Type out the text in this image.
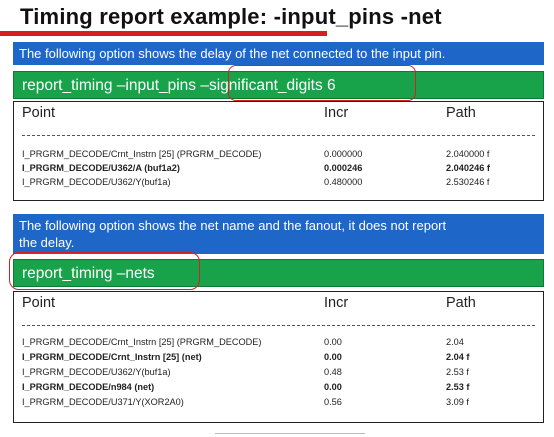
Timing report example: -input_pins -net
The following option shows the delay of the net connected to the input pin.
report_timing –input_pins –significant_digits 6
Point	Incr	Path
I_PRGRM_DECODE/Crnt_Instrn [25] (PRGRM_DECODE)	0.000000	2.040000 f
I_PRGRM_DECODE/U362/A (buf1a2)	0.000246	2.040246 f
I_PRGRM_DECODE/U362/Y(buf1a)	0.480000	2.530246 f
The following option shows the net name and the fanout, it does not report
the delay.
report_timing –nets
Point	Incr	Path
I_PRGRM_DECODE/Crnt_Instrn [25] (PRGRM_DECODE)	0.00	2.04
I_PRGRM_DECODE/Crnt_Instrn [25] (net)	0.00	2.04 f
I_PRGRM_DECODE/U362/Y(buf1a)	0.48	2.53 f
I_PRGRM_DECODE/n984 (net)	0.00	2.53 f
I_PRGRM_DECODE/U371/Y(XOR2A0)	0.56	3.09 f
